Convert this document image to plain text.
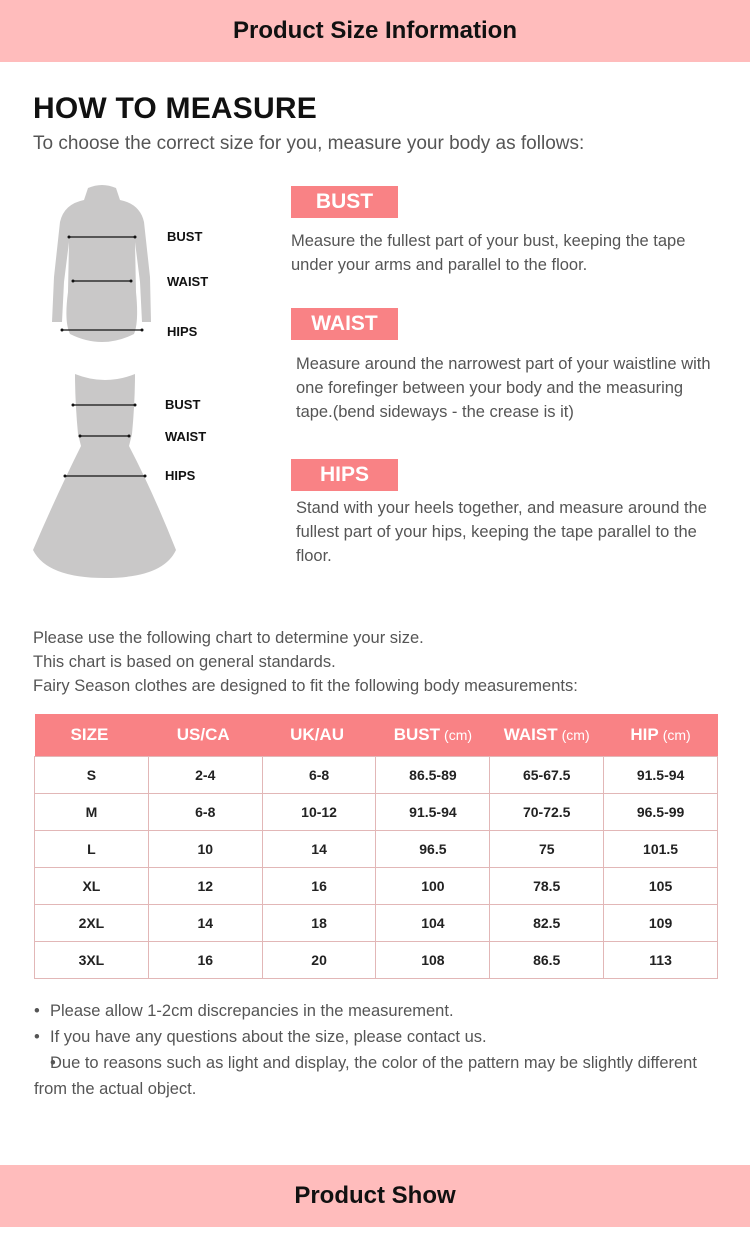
Product Size Information
HOW TO MEASURE
To choose the correct size for you, measure your body as follows:
BUST
WAIST
HIPS
BUST
WAIST
HIPS
BUST
Measure the fullest part of your bust, keeping the tape under your arms and parallel to the floor.
WAIST
Measure around the narrowest part of your waistline with one forefinger between your body and the measuring tape.(bend sideways - the crease is it)
HIPS
Stand with your heels together, and measure around the fullest part of your hips, keeping the tape parallel to the floor.
Please use the following chart to determine your size.
This chart is based on general standards.
Fairy Season clothes are designed to fit the following body measurements:
SIZE	US/CA	UK/AU	BUST (cm)	WAIST (cm)	HIP (cm)
S	2-4	6-8	86.5-89	65-67.5	91.5-94
M	6-8	10-12	91.5-94	70-72.5	96.5-99
L	10	14	96.5	75	101.5
XL	12	16	100	78.5	105
2XL	14	18	104	82.5	109
3XL	16	20	108	86.5	113
• Please allow 1-2cm discrepancies in the measurement.
• If you have any questions about the size, please contact us.
• Due to reasons such as light and display, the color of the pattern may be slightly different from the actual object.
Product Show
